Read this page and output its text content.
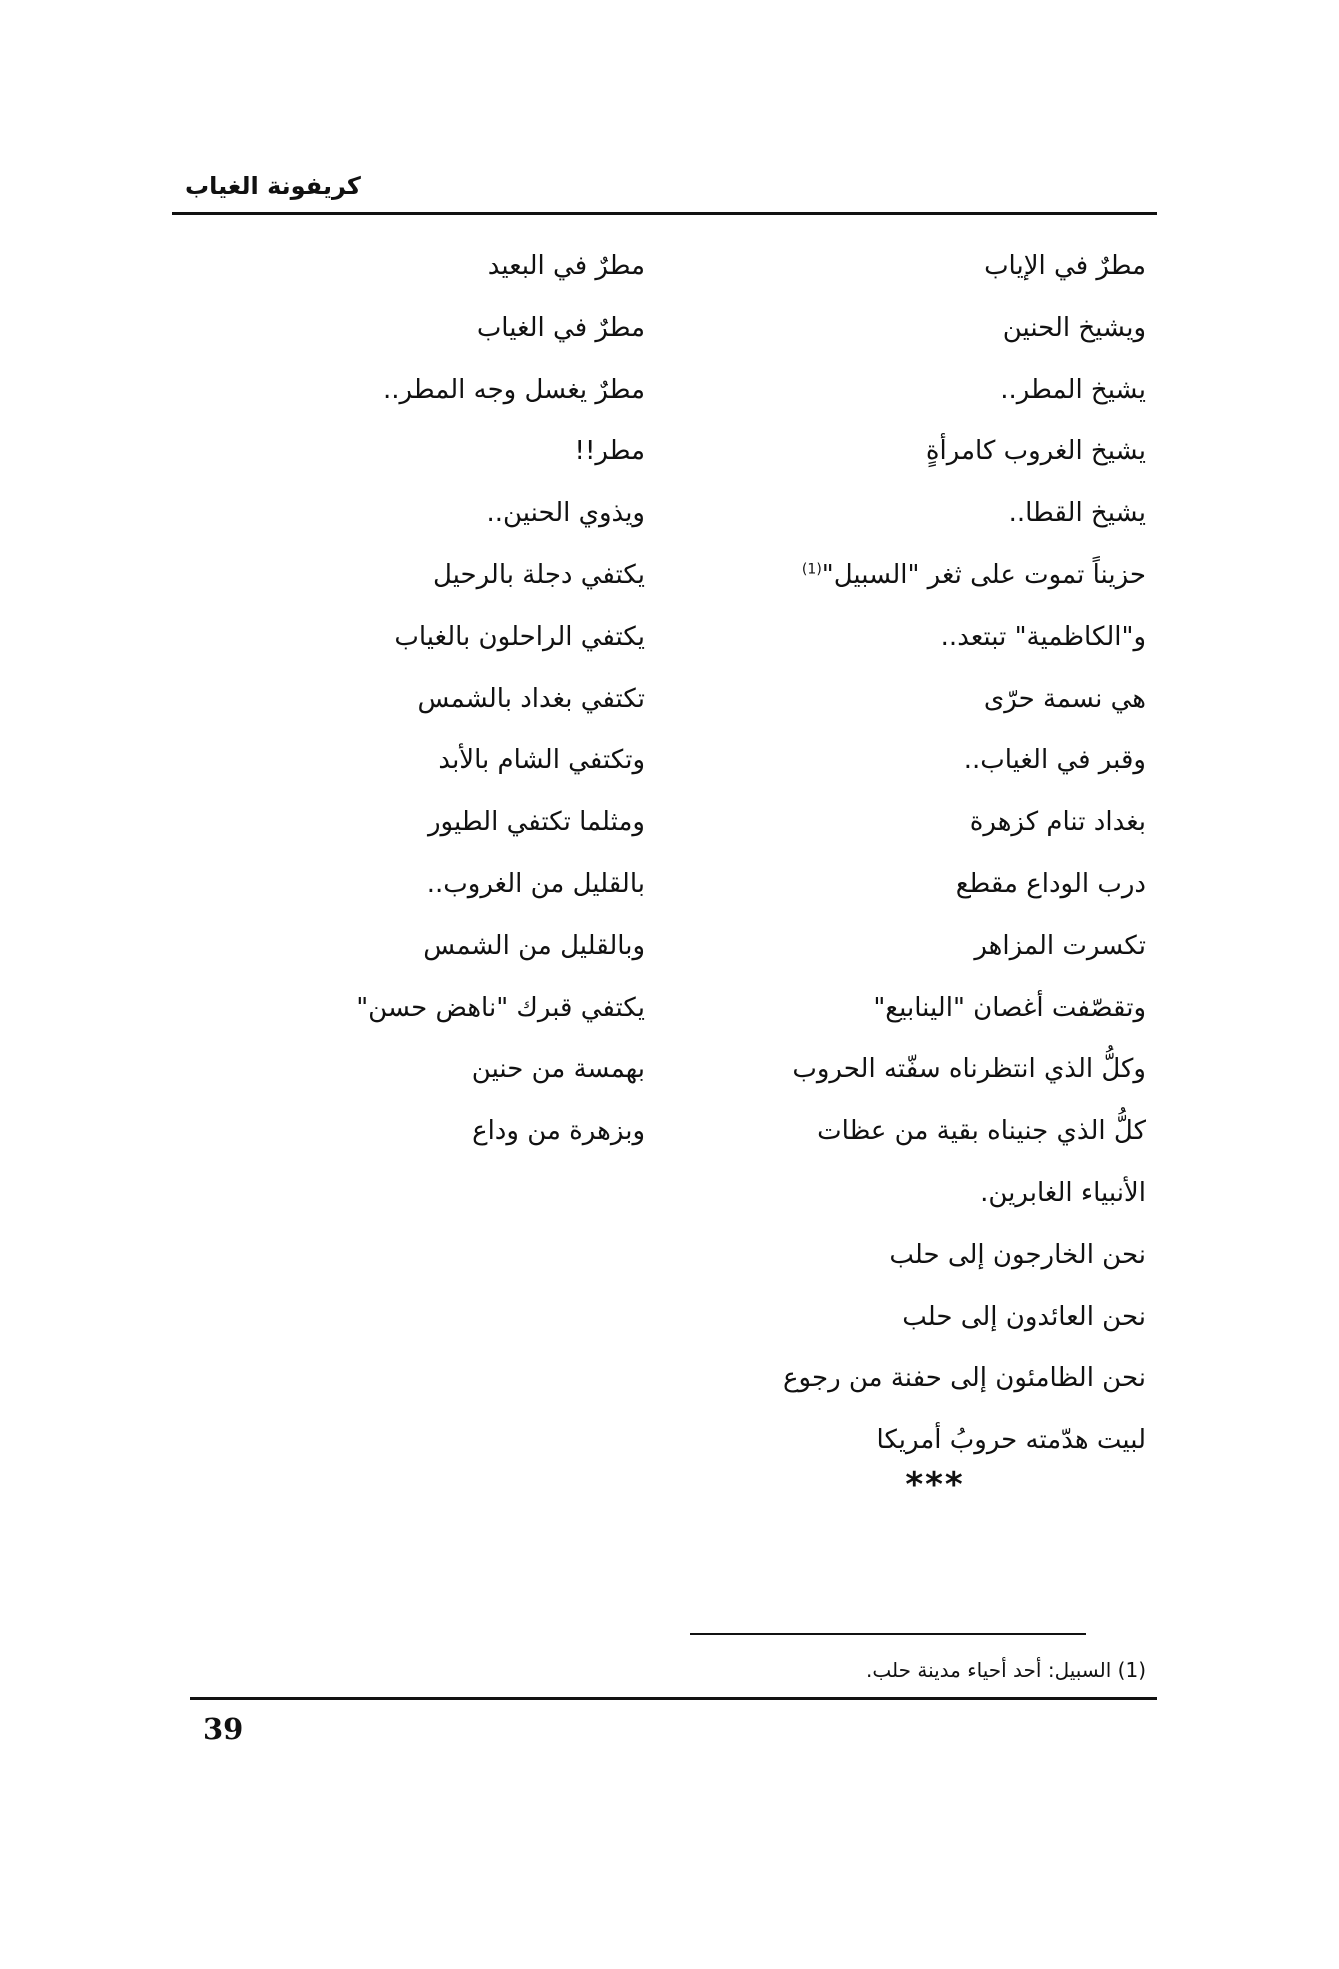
كريفونة الغياب
مطرٌ في الإياب
ويشيخ الحنين
يشيخ المطر..
يشيخ الغروب كامرأةٍ
يشيخ القطا..
حزيناً تموت على ثغر "السبيل"$^{(1)}$
و"الكاظمية" تبتعد..
هي نسمة حرّى
وقبر في الغياب..
بغداد تنام كزهرة
درب الوداع مقطع
تكسرت المزاهر
وتقصّفت أغصان "الينابيع"
وكلُّ الذي انتظرناه سفّته الحروب
كلُّ الذي جنيناه بقية من عظات
الأنبياء الغابرين.
نحن الخارجون إلى حلب
نحن العائدون إلى حلب
نحن الظامئون إلى حفنة من رجوع
لبيت هدّمته حروبُ أمريكا
مطرٌ في البعيد
مطرٌ في الغياب
مطرٌ يغسل وجه المطر..
مطر!!
ويذوي الحنين..
يكتفي دجلة بالرحيل
يكتفي الراحلون بالغياب
تكتفي بغداد بالشمس
وتكتفي الشام بالأبد
ومثلما تكتفي الطيور
بالقليل من الغروب..
وبالقليل من الشمس
يكتفي قبرك "ناهض حسن"
بهمسة من حنين
وبزهرة من وداع
***
(1) السبيل: أحد أحياء مدينة حلب.
39
